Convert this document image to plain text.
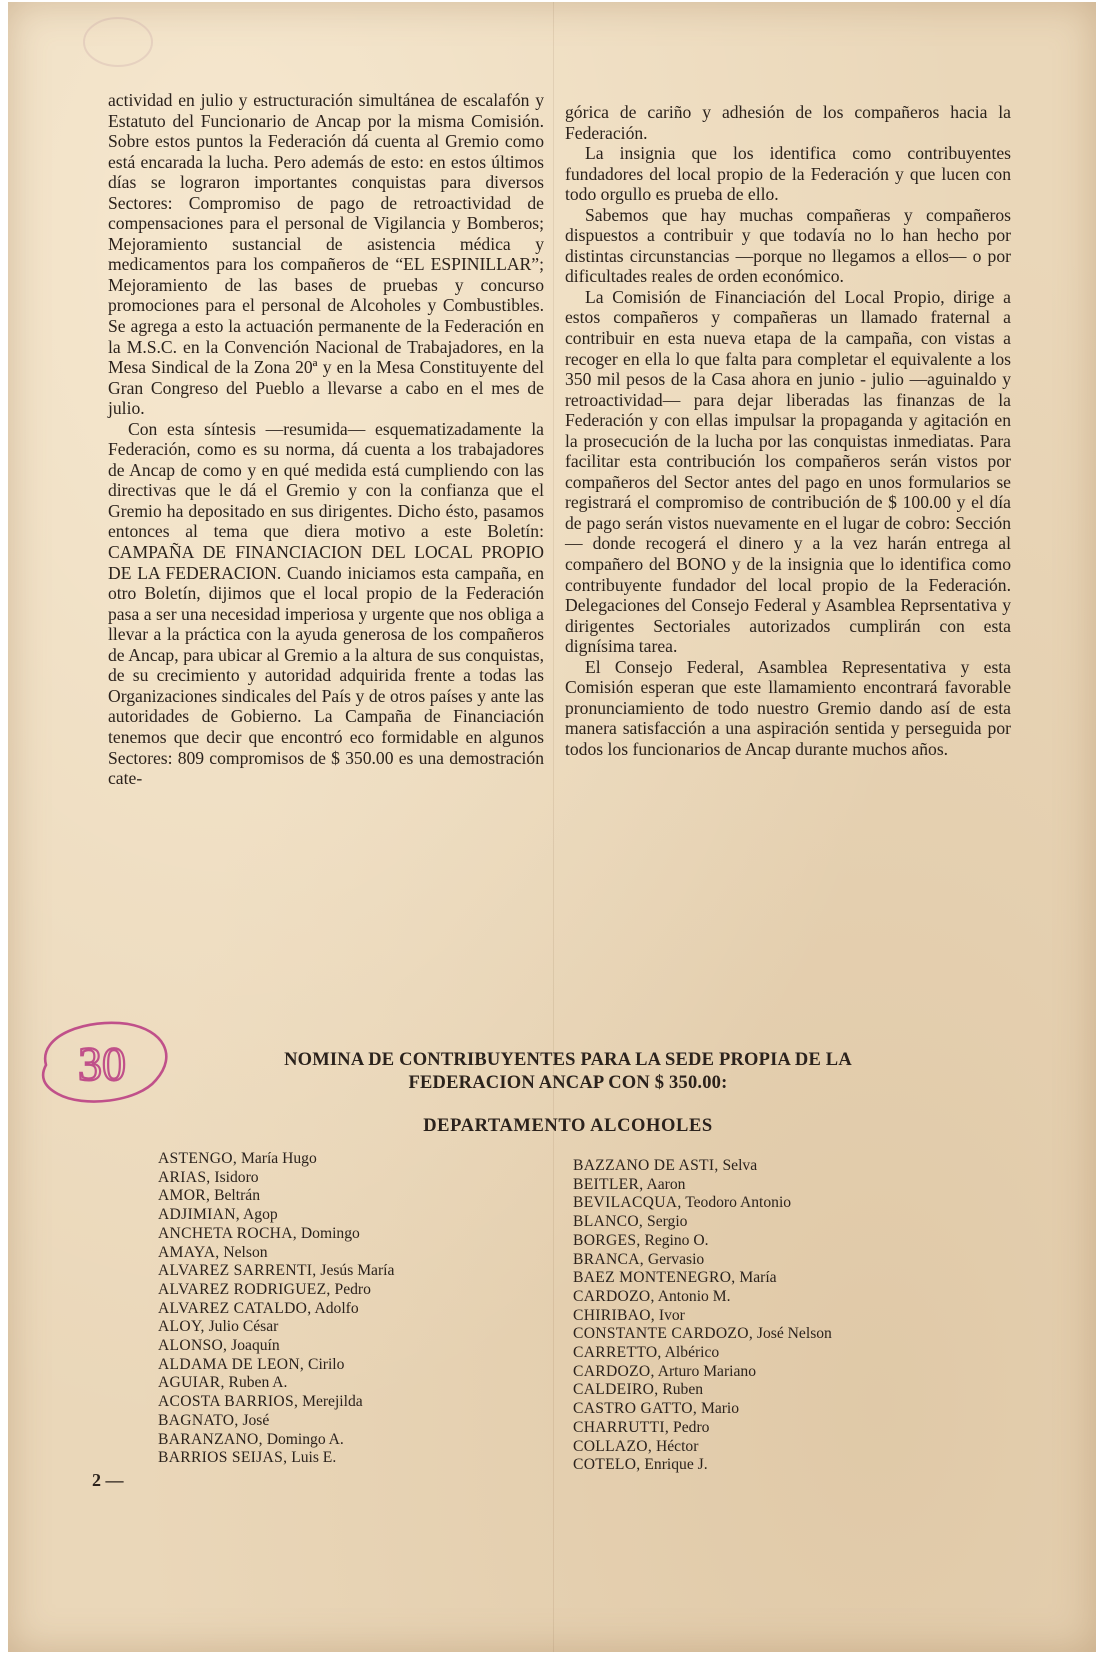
actividad en julio y estructuración simultánea de escalafón y Estatuto del Funcionario de Ancap por la misma Comisión. Sobre estos puntos la Federación dá cuenta al Gremio como está encarada la lucha. Pero además de esto: en estos últimos días se lograron importantes conquistas para diversos Sectores: Compromiso de pago de retroactividad de compensaciones para el personal de Vigilancia y Bomberos; Mejoramiento sustancial de asistencia médica y medicamentos para los compañeros de “EL ESPINILLAR”; Mejoramiento de las bases de pruebas y concurso promociones para el personal de Alcoholes y Combustibles. Se agrega a esto la actuación permanente de la Federación en la M.S.C. en la Convención Nacional de Trabajadores, en la Mesa Sindical de la Zona 20ª y en la Mesa Constituyente del Gran Congreso del Pueblo a llevarse a cabo en el mes de julio.

Con esta síntesis —resumida— esquematizadamente la Federación, como es su norma, dá cuenta a los trabajadores de Ancap de como y en qué medida está cumpliendo con las directivas que le dá el Gremio y con la confianza que el Gremio ha depositado en sus dirigentes. Dicho ésto, pasamos entonces al tema que diera motivo a este Boletín: CAMPAÑA DE FINANCIACION DEL LOCAL PROPIO DE LA FEDERACION. Cuando iniciamos esta campaña, en otro Boletín, dijimos que el local propio de la Federación pasa a ser una necesidad imperiosa y urgente que nos obliga a llevar a la práctica con la ayuda generosa de los compañeros de Ancap, para ubicar al Gremio a la altura de sus conquistas, de su crecimiento y autoridad adquirida frente a todas las Organizaciones sindicales del País y de otros países y ante las autoridades de Gobierno. La Campaña de Financiación tenemos que decir que encontró eco formidable en algunos Sectores: 809 compromisos de $ 350.00 es una demostración cate-

górica de cariño y adhesión de los compañeros hacia la Federación.

La insignia que los identifica como contribuyentes fundadores del local propio de la Federación y que lucen con todo orgullo es prueba de ello.

Sabemos que hay muchas compañeras y compañeros dispuestos a contribuir y que todavía no lo han hecho por distintas circunstancias —porque no llegamos a ellos— o por dificultades reales de orden económico.

La Comisión de Financiación del Local Propio, dirige a estos compañeros y compañeras un llamado fraternal a contribuir en esta nueva etapa de la campaña, con vistas a recoger en ella lo que falta para completar el equivalente a los 350 mil pesos de la Casa ahora en junio - julio —aguinaldo y retroactividad— para dejar liberadas las finanzas de la Federación y con ellas impulsar la propaganda y agitación en la prosecución de la lucha por las conquistas inmediatas. Para facilitar esta contribución los compañeros serán vistos por compañeros del Sector antes del pago en unos formularios se registrará el compromiso de contribución de $ 100.00 y el día de pago serán vistos nuevamente en el lugar de cobro: Sección — donde recogerá el dinero y a la vez harán entrega al compañero del BONO y de la insignia que lo identifica como contribuyente fundador del local propio de la Federación. Delegaciones del Consejo Federal y Asamblea Reprsentativa y dirigentes Sectoriales autorizados cumplirán con esta dignísima tarea.

El Consejo Federal, Asamblea Representativa y esta Comisión esperan que este llamamiento encontrará favorable pronunciamiento de todo nuestro Gremio dando así de esta manera satisfacción a una aspiración sentida y perseguida por todos los funcionarios de Ancap durante muchos años.

30	NOMINA DE CONTRIBUYENTES PARA LA SEDE PROPIA DE LA
FEDERACION ANCAP CON $ 350.00:
DEPARTAMENTO ALCOHOLES
ASTENGO, María Hugo
ARIAS, Isidoro
AMOR, Beltrán
ADJIMIAN, Agop
ANCHETA ROCHA, Domingo
AMAYA, Nelson
ALVAREZ SARRENTI, Jesús María
ALVAREZ RODRIGUEZ, Pedro
ALVAREZ CATALDO, Adolfo
ALOY, Julio César
ALONSO, Joaquín
ALDAMA DE LEON, Cirilo
AGUIAR, Ruben A.
ACOSTA BARRIOS, Merejilda
BAGNATO, José
BARANZANO, Domingo A.
BARRIOS SEIJAS, Luis E.
BAZZANO DE ASTI, Selva
BEITLER, Aaron
BEVILACQUA, Teodoro Antonio
BLANCO, Sergio
BORGES, Regino O.
BRANCA, Gervasio
BAEZ MONTENEGRO, María
CARDOZO, Antonio M.
CHIRIBAO, Ivor
CONSTANTE CARDOZO, José Nelson
CARRETTO, Albérico
CARDOZO, Arturo Mariano
CALDEIRO, Ruben
CASTRO GATTO, Mario
CHARRUTTI, Pedro
COLLAZO, Héctor
COTELO, Enrique J.
2 —
